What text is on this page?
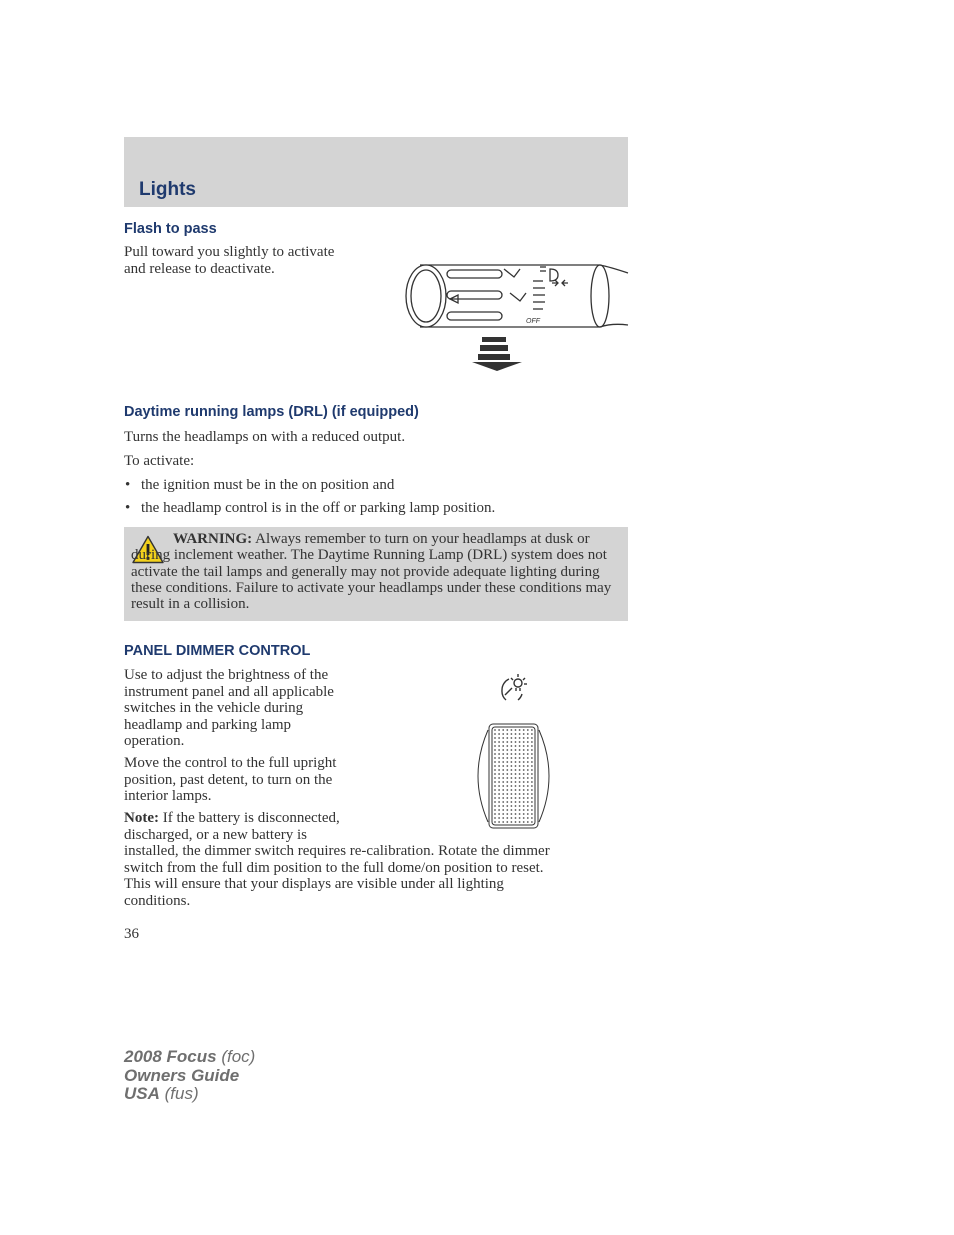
Lights
Flash to pass

Pull toward you slightly to activate
and release to deactivate.

OFF
Daytime running lamps (DRL) (if equipped)

Turns the headlamps on with a reduced output.

To activate:

• the ignition must be in the on position and
• the headlamp control is in the off or parking lamp position.

WARNING: Always remember to turn on your headlamps at dusk or during inclement weather. The Daytime Running Lamp (DRL) system does not activate the tail lamps and generally may not provide adequate lighting during these conditions. Failure to activate your headlamps under these conditions may result in a collision.

PANEL DIMMER CONTROL

Use to adjust the brightness of the
instrument panel and all applicable
switches in the vehicle during
headlamp and parking lamp
operation.

Move the control to the full upright
position, past detent, to turn on the
interior lamps.

Note: If the battery is disconnected,
discharged, or a new battery is
installed, the dimmer switch requires re-calibration. Rotate the dimmer
switch from the full dim position to the full dome/on position to reset.
This will ensure that your displays are visible under all lighting
conditions.

36

2008 Focus (foc)
Owners Guide
USA (fus)
